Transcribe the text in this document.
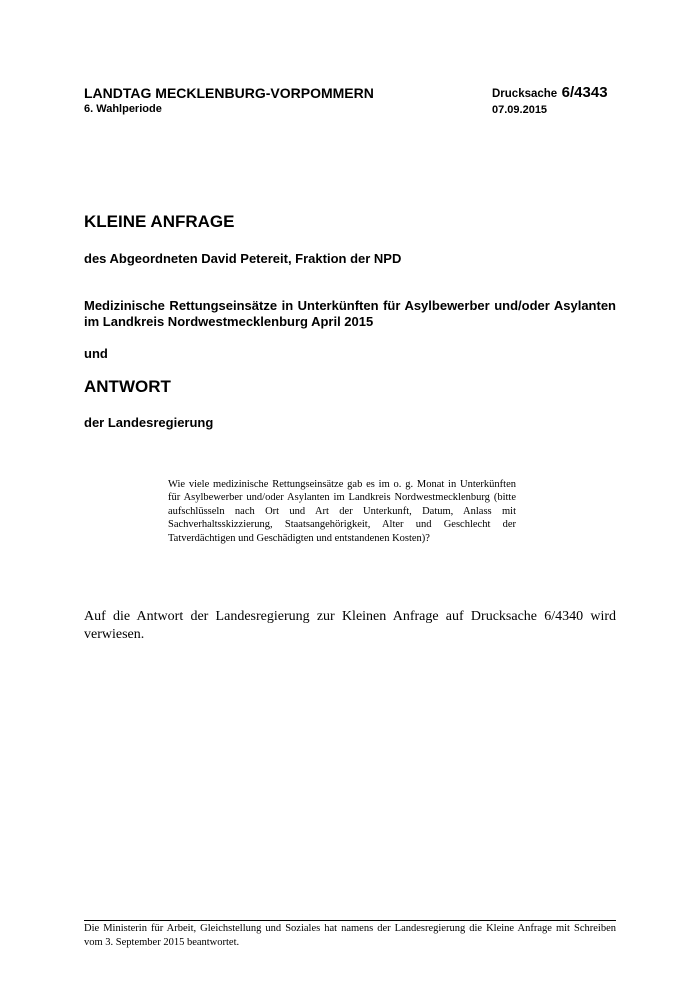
LANDTAG MECKLENBURG-VORPOMMERN
6. Wahlperiode
Drucksache 6/4343
07.09.2015
KLEINE ANFRAGE
des Abgeordneten David Petereit, Fraktion der NPD
Medizinische Rettungseinsätze in Unterkünften für Asylbewerber und/oder Asylanten im Landkreis Nordwestmecklenburg April 2015
und
ANTWORT
der Landesregierung
Wie viele medizinische Rettungseinsätze gab es im o. g. Monat in Unterkünften für Asylbewerber und/oder Asylanten im Landkreis Nordwestmecklenburg (bitte aufschlüsseln nach Ort und Art der Unterkunft, Datum, Anlass mit Sachverhaltsskizzierung, Staatsangehörigkeit, Alter und Geschlecht der Tatverdächtigen und Geschädigten und entstandenen Kosten)?
Auf die Antwort der Landesregierung zur Kleinen Anfrage auf Drucksache 6/4340 wird verwiesen.
Die Ministerin für Arbeit, Gleichstellung und Soziales hat namens der Landesregierung die Kleine Anfrage mit Schreiben vom 3. September 2015 beantwortet.
